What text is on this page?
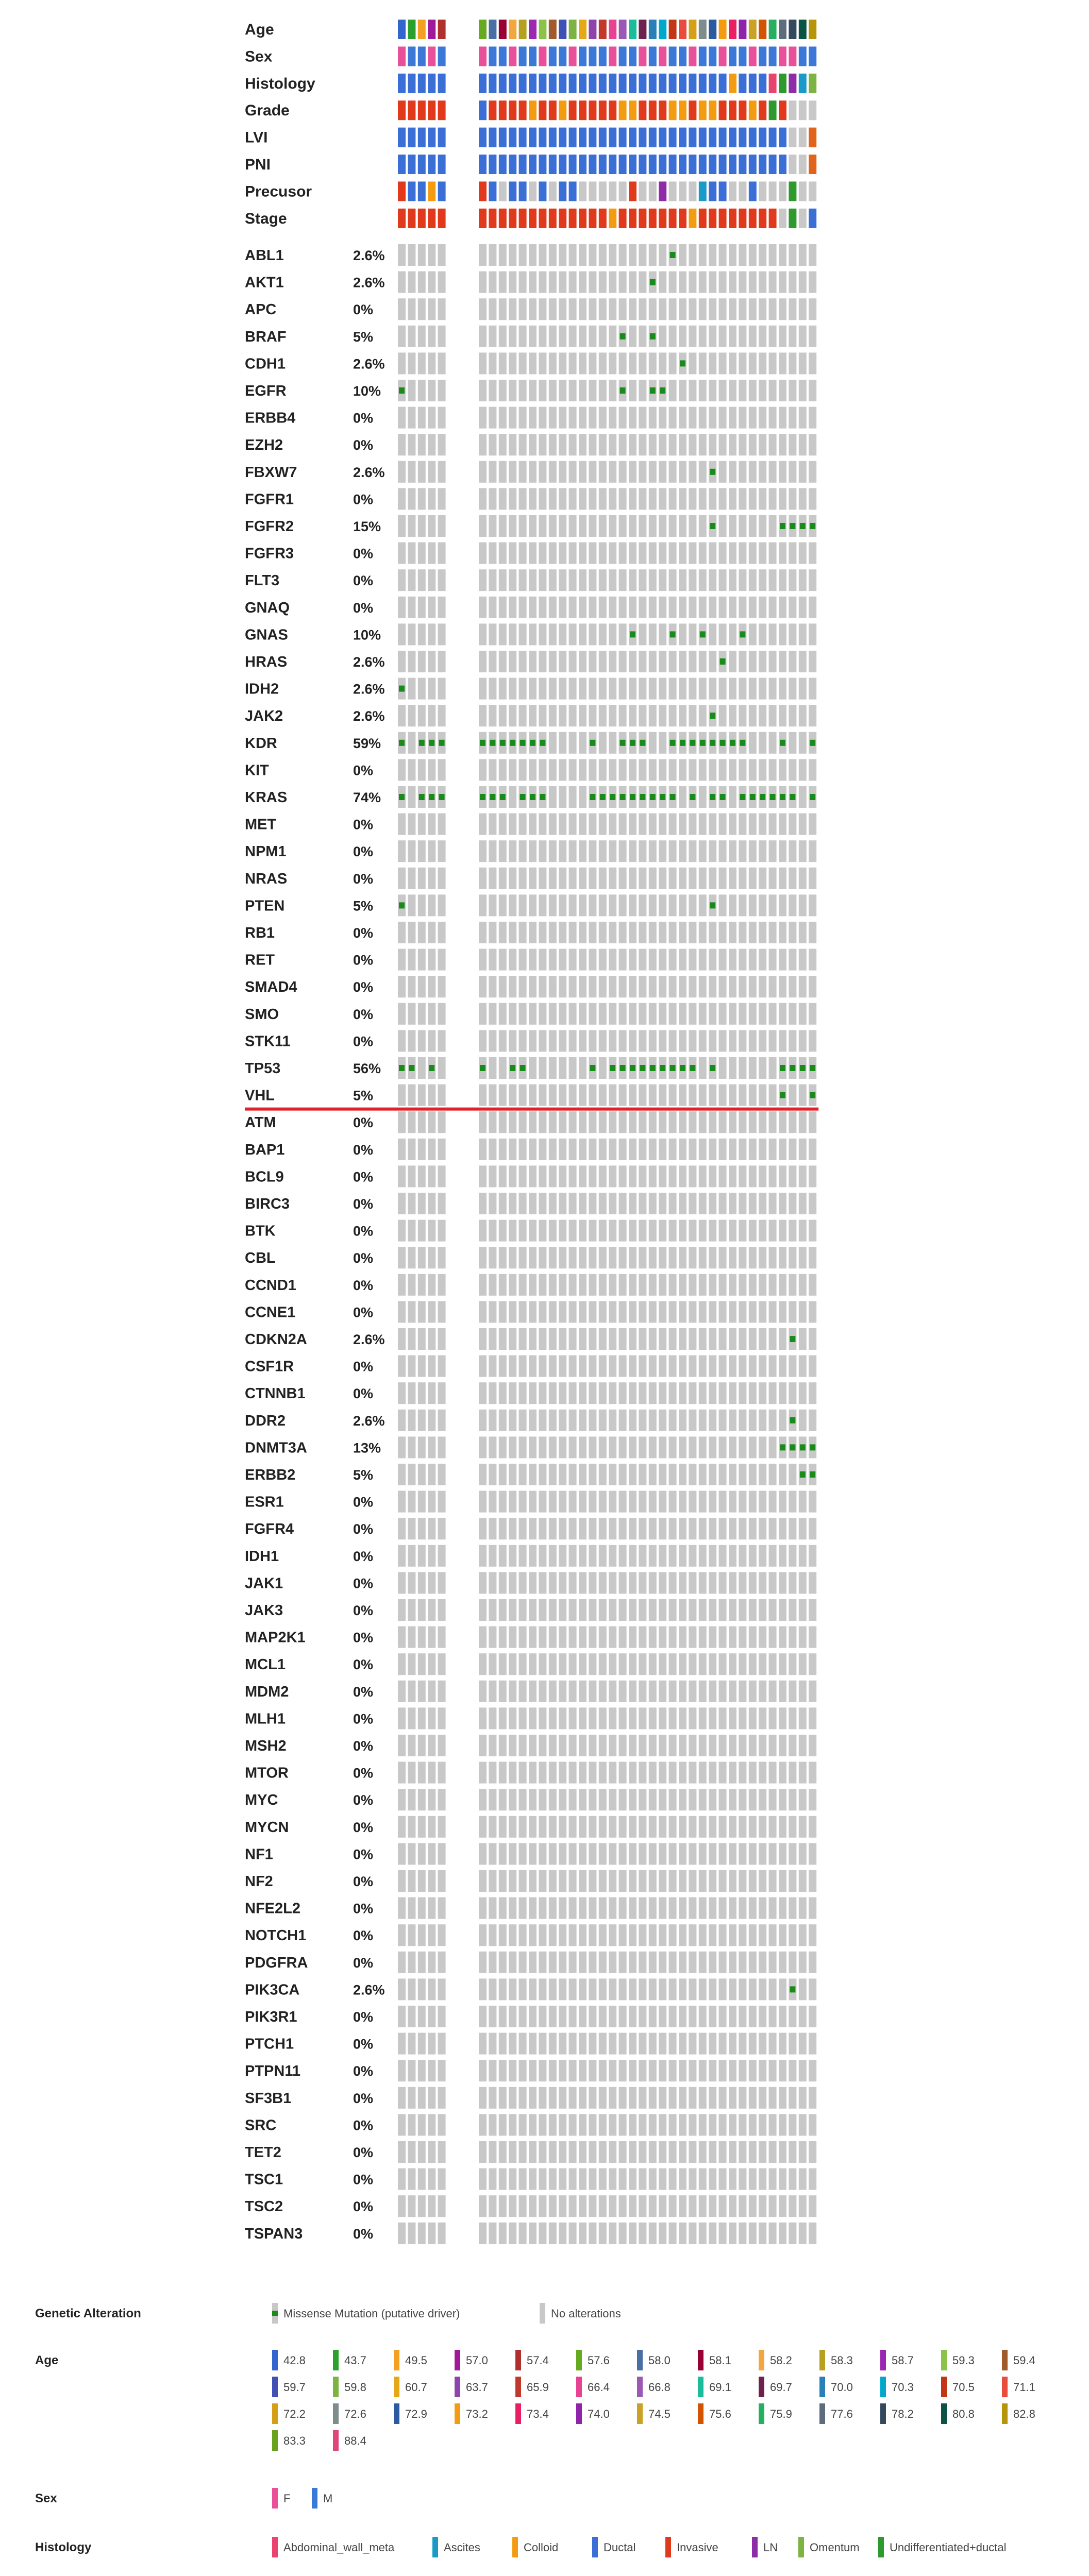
Age
Sex
Histology
Grade
LVI
PNI
Precusor
Stage
ABL1	2.6%
AKT1	2.6%
APC	0%
BRAF	5%
CDH1	2.6%
EGFR	10%
ERBB4	0%
EZH2	0%
FBXW7	2.6%
FGFR1	0%
FGFR2	15%
FGFR3	0%
FLT3	0%
GNAQ	0%
GNAS	10%
HRAS	2.6%
IDH2	2.6%
JAK2	2.6%
KDR	59%
KIT	0%
KRAS	74%
MET	0%
NPM1	0%
NRAS	0%
PTEN	5%
RB1	0%
RET	0%
SMAD4	0%
SMO	0%
STK11	0%
TP53	56%
VHL	5%
ATM	0%
BAP1	0%
BCL9	0%
BIRC3	0%
BTK	0%
CBL	0%
CCND1	0%
CCNE1	0%
CDKN2A	2.6%
CSF1R	0%
CTNNB1	0%
DDR2	2.6%
DNMT3A	13%
ERBB2	5%
ESR1	0%
FGFR4	0%
IDH1	0%
JAK1	0%
JAK3	0%
MAP2K1	0%
MCL1	0%
MDM2	0%
MLH1	0%
MSH2	0%
MTOR	0%
MYC	0%
MYCN	0%
NF1	0%
NF2	0%
NFE2L2	0%
NOTCH1	0%
PDGFRA	0%
PIK3CA	2.6%
PIK3R1	0%
PTCH1	0%
PTPN11	0%
SF3B1	0%
SRC	0%
TET2	0%
TSC1	0%
TSC2	0%
TSPAN3	0%
Genetic Alteration	Missense Mutation (putative driver)	No alterations
Age	42.8	43.7	49.5	57.0	57.4	57.6	58.0	58.1	58.2	58.3	58.7	59.3	59.4
59.7	59.8	60.7	63.7	65.9	66.4	66.8	69.1	69.7	70.0	70.3	70.5	71.1
72.2	72.6	72.9	73.2	73.4	74.0	74.5	75.6	75.9	77.6	78.2	80.8	82.8
83.3	88.4
Sex	F	M
Histology	Abdominal_wall_meta	Ascites	Colloid	Ductal	Invasive	LN	Omentum	Undifferentiated+ductal
